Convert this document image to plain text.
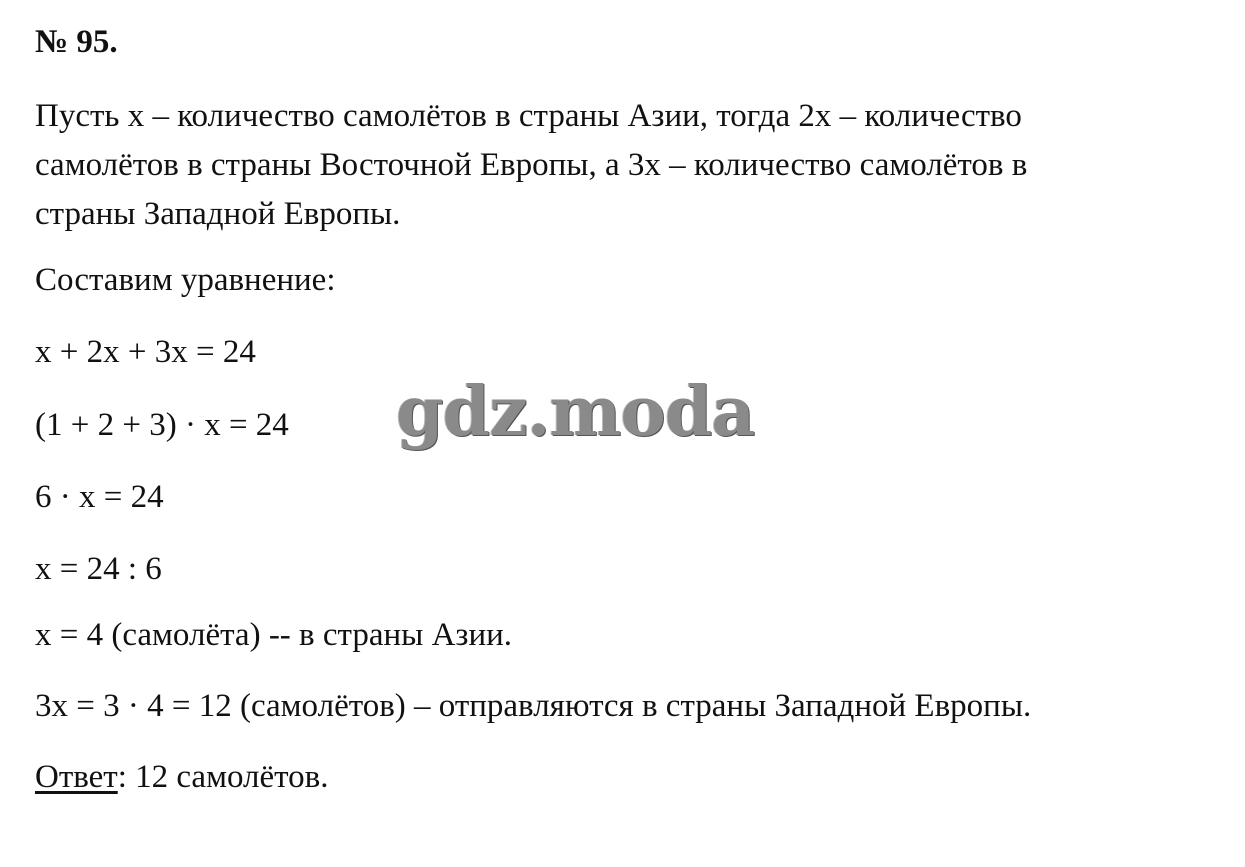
№ 95.
Пусть x – количество самолётов в страны Азии, тогда 2x – количество
самолётов в страны Восточной Европы, а 3x – количество самолётов в
страны Западной Европы.
Составим уравнение:
x + 2x + 3x = 24
(1 + 2 + 3) · x = 24
6 · x = 24
x = 24 : 6
x = 4 (самолёта) -- в страны Азии.
3x = 3 · 4 = 12 (самолётов) – отправляются в страны Западной Европы.
Ответ: 12 самолётов.
gdz.moda
